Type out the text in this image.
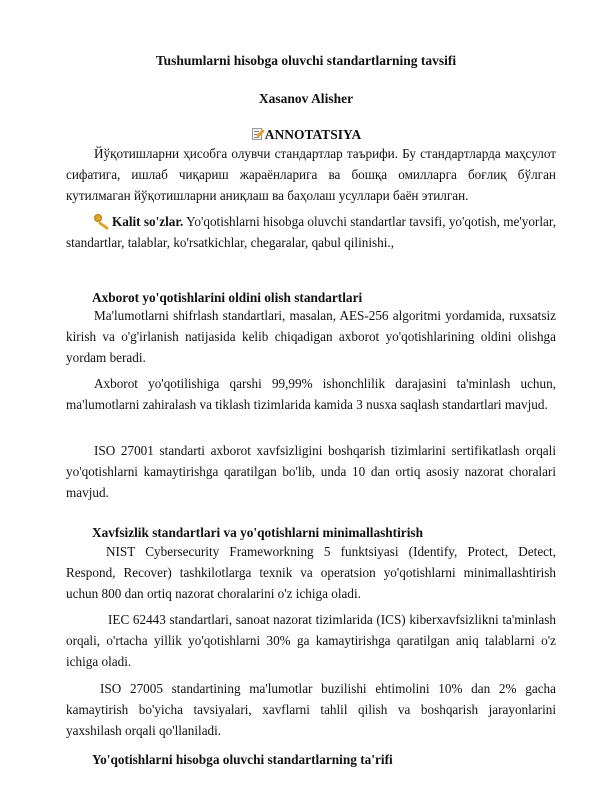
Tushumlarni hisobga oluvchi standartlarning tavsifi
Xasanov Alisher
ANNOTATSIYA
Йўқотишларни ҳисобга олувчи стандартлар таърифи. Бу стандартларда маҳсулот сифатига, ишлаб чиқариш жараёнларига ва бошқа омилларга боғлиқ бўлган кутилмаган йўқотишларни аниқлаш ва баҳолаш усуллари баён этилган.
Kalit so'zlar. Yo'qotishlarni hisobga oluvchi standartlar tavsifi, yo'qotish, me'yorlar, standartlar, talablar, ko'rsatkichlar, chegaralar, qabul qilinishi.,
Axborot yo'qotishlarini oldini olish standartlari
Ma'lumotlarni shifrlash standartlari, masalan, AES-256 algoritmi yordamida, ruxsatsiz kirish va o'g'irlanish natijasida kelib chiqadigan axborot yo'qotishlarining oldini olishga yordam beradi.
Axborot yo'qotilishiga qarshi 99,99% ishonchlilik darajasini ta'minlash uchun, ma'lumotlarni zahiralash va tiklash tizimlarida kamida 3 nusxa saqlash standartlari mavjud.
ISO 27001 standarti axborot xavfsizligini boshqarish tizimlarini sertifikatlash orqali yo'qotishlarni kamaytirishga qaratilgan bo'lib, unda 10 dan ortiq asosiy nazorat choralari mavjud.
Xavfsizlik standartlari va yo'qotishlarni minimallashtirish
NIST Cybersecurity Frameworkning 5 funktsiyasi (Identify, Protect, Detect, Respond, Recover) tashkilotlarga texnik va operatsion yo'qotishlarni minimallashtirish uchun 800 dan ortiq nazorat choralarini o'z ichiga oladi.
IEC 62443 standartlari, sanoat nazorat tizimlarida (ICS) kiberxavfsizlikni ta'minlash orqali, o'rtacha yillik yo'qotishlarni 30% ga kamaytirishga qaratilgan aniq talablarni o'z ichiga oladi.
ISO 27005 standartining ma'lumotlar buzilishi ehtimolini 10% dan 2% gacha kamaytirish bo'yicha tavsiyalari, xavflarni tahlil qilish va boshqarish jarayonlarini yaxshilash orqali qo'llaniladi.
Yo'qotishlarni hisobga oluvchi standartlarning ta'rifi
